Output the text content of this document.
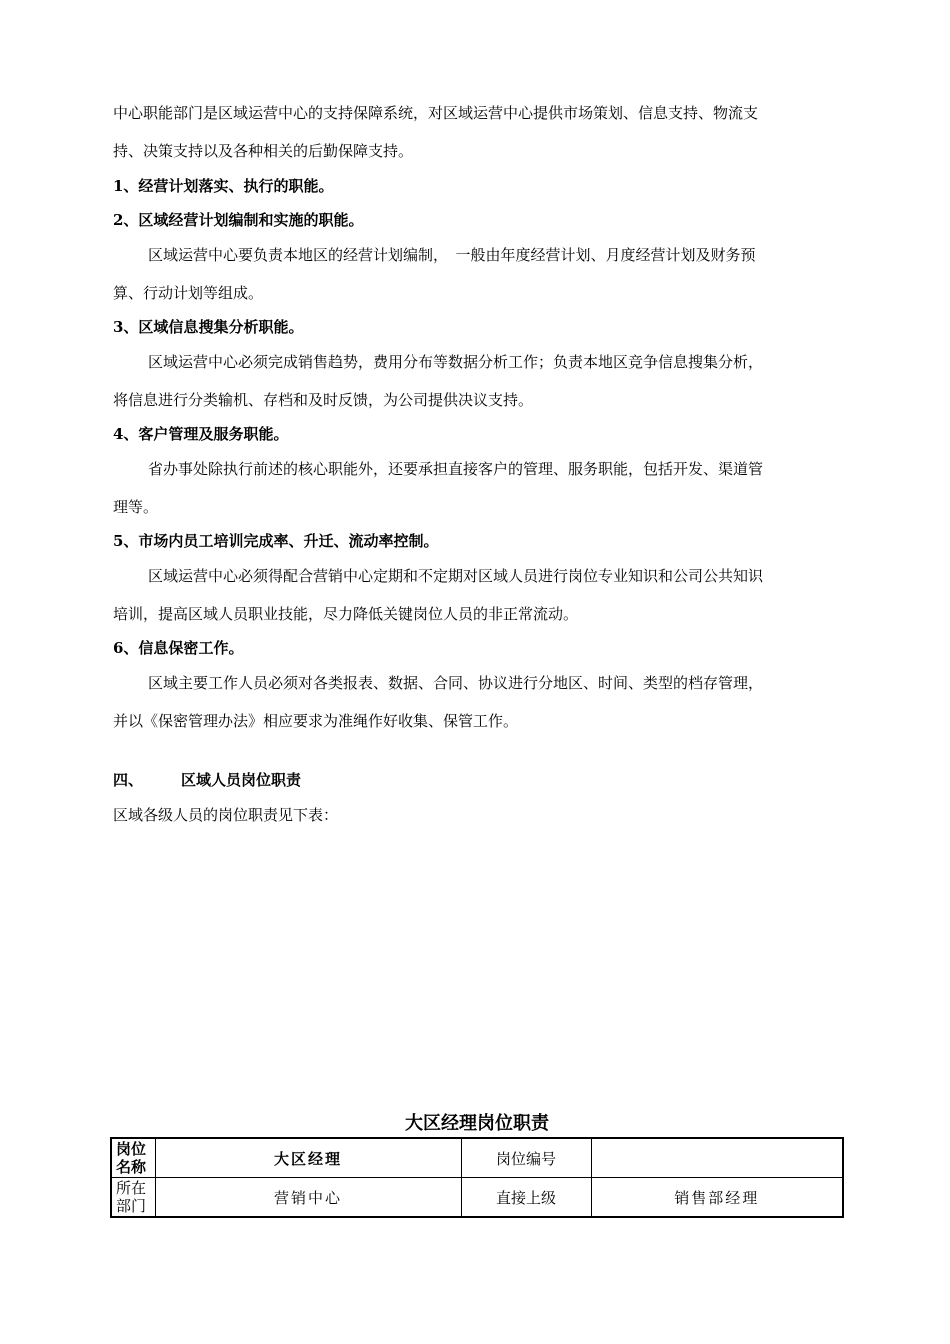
中心职能部门是区域运营中心的支持保障系统，对区域运营中心提供市场策划、信息支持、物流支
持、决策支持以及各种相关的后勤保障支持。
1、经营计划落实、执行的职能。
2、区域经营计划编制和实施的职能。
区域运营中心要负责本地区的经营计划编制，　一般由年度经营计划、月度经营计划及财务预
算、行动计划等组成。
3、区域信息搜集分析职能。
区域运营中心必须完成销售趋势，费用分布等数据分析工作；负责本地区竞争信息搜集分析，
将信息进行分类输机、存档和及时反馈，为公司提供决议支持。
4、客户管理及服务职能。
省办事处除执行前述的核心职能外，还要承担直接客户的管理、服务职能，包括开发、渠道管
理等。
5、市场内员工培训完成率、升迁、流动率控制。
区域运营中心必须得配合营销中心定期和不定期对区域人员进行岗位专业知识和公司公共知识
培训，提高区域人员职业技能，尽力降低关键岗位人员的非正常流动。
6、信息保密工作。
区域主要工作人员必须对各类报表、数据、合同、协议进行分地区、时间、类型的档存管理，
并以《保密管理办法》相应要求为准绳作好收集、保管工作。
四、	区域人员岗位职责
区域各级人员的岗位职责见下表：
大区经理岗位职责
岗位
名称	大区经理	岗位编号	

所在
部门	营销中心	直接上级	销售部经理
